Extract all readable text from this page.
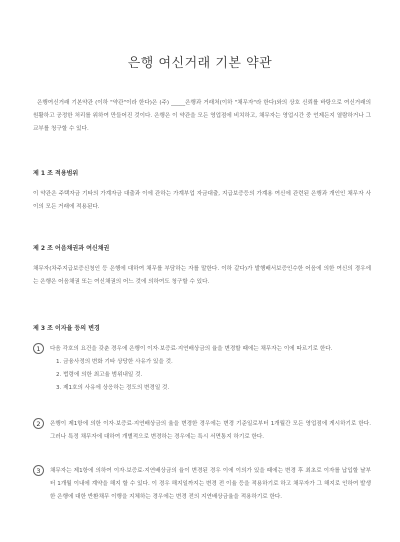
은행 여신거래 기본 약관
은행여신거래 기본약관 (이하 "약관"이라 한다)은 (주) _____은행과 거래처(이하 "채무자"라 한다)와의 상호 신뢰를 바탕으로 여신거래의 원활하고 공정한 처리를 위하여 만들어진 것이다. 은행은 이 약관을 모든 영업점에 비치하고, 채무자는 영업시간 중 언제든지 열람하거나 그 교부를 청구할 수 있다.
제 1 조 적용범위
이 약관은 주택자금 기타의 가계자금 대출과 이에 관하는 가계부업 자금대출, 지급보증등의 가계용 여신에 관련된 은행과 개인인 채무자 사이의 모든 거래에 적용된다.
제 2 조 어음채권과 여신채권
채무자(차주지급보증신청인 등 은행에 대하여 채무를 부담하는 자를 말한다. 이하 같다)가 발행배서보증인수한 어음에 의한 여신의 경우에는 은행은 어음채권 또는 여신채권의 어느 것에 의하여도 청구할 수 있다.
제 3 조 이자율 등의 변경
1	다음 각호의 요건을 갖춘 경우에 은행이 이자·보증료·지연배상금의 율을 변경할 때에는 채무자는 이에 따르기로 한다.
1. 금융사정의 변화 기타 상당한 사유가 있을 것.
2. 법령에 의한 최고율 범위내일 것.
3. 제1호의 사유에 상응하는 정도의 변경일 것.
2	은행이 제1항에 의한 이자·보증료·지연배상금의 율을 변경한 경우에는 변경 기준일로부터 1개월간 모든 영업점에 게시하기로 한다. 그러나 특정 채무자에 대하여 개별적으로 변경하는 경우에는 특시 서면통지 하기로 한다.
3	채무자는 제1항에 의하여 이자·보증료·지연배상금의 율이 변경된 경우 이에 이의가 있을 때에는 변경 후 최초로 이자를 납입할 날부터 1개월 이내에 계약을 해지 할 수 있다. 이 경우 해지일까지는 변경 전 이율 등을 적용하기로 하고 채무자가 그 해지로 인하여 발생한 은행에 대한 반환채무 이행을 지체하는 경우에는 변경 전의 지연배상금율을 적용하기로 한다.
